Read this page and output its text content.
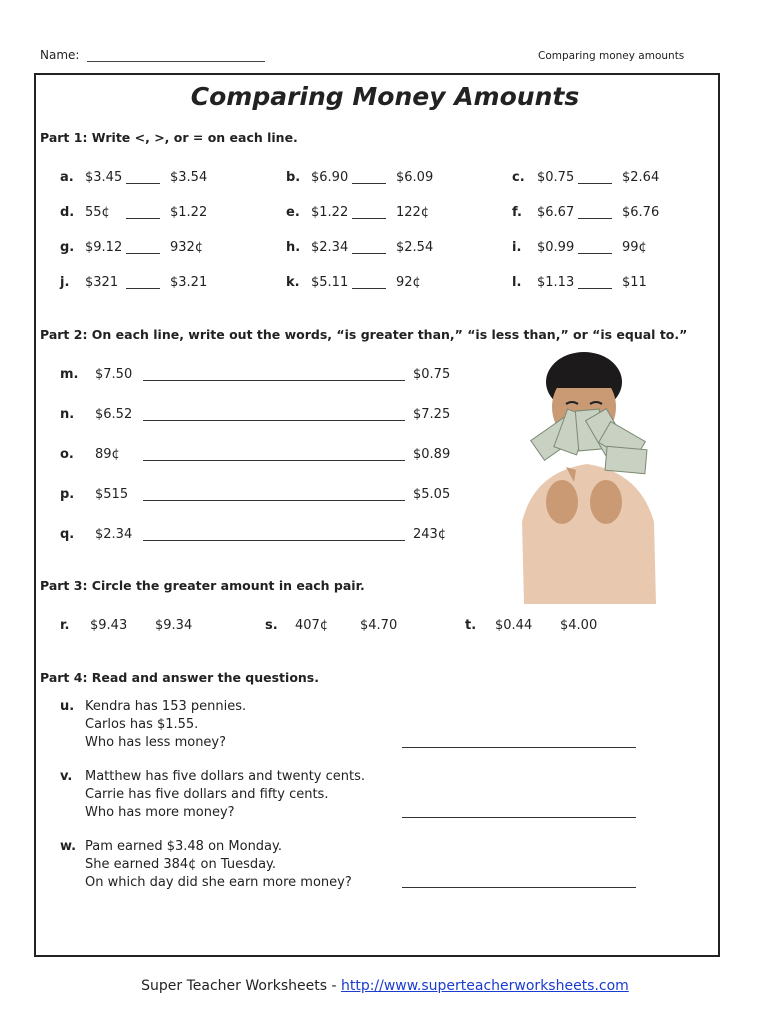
Name:	Comparing money amounts
Comparing Money Amounts
Part 1: Write <, >, or = on each line.
a. $3.45	$3.54	b. $6.90	$6.09	c. $0.75	$2.64
d. 55¢	$1.22	e. $1.22	122¢	f. $6.67	$6.76
g. $9.12	932¢	h. $2.34	$2.54	i. $0.99	99¢
j. $321	$3.21	k. $5.11	92¢	l. $1.13	$11
Part 2: On each line, write out the words, “is greater than,” “is less than,” or “is equal to.”
m. $7.50	$0.75
n. $6.52	$7.25
o. 89¢	$0.89
p. $515	$5.05
q. $2.34	243¢
Part 3: Circle the greater amount in each pair.
r. $9.43 $9.34	s. 407¢ $4.70	t. $0.44 $4.00
Part 4: Read and answer the questions.
u. Kendra has 153 pennies.
Carlos has $1.55.
Who has less money?
v. Matthew has five dollars and twenty cents.
Carrie has five dollars and fifty cents.
Who has more money?
w. Pam earned $3.48 on Monday.
She earned 384¢ on Tuesday.
On which day did she earn more money?
Super Teacher Worksheets - http://www.superteacherworksheets.com
